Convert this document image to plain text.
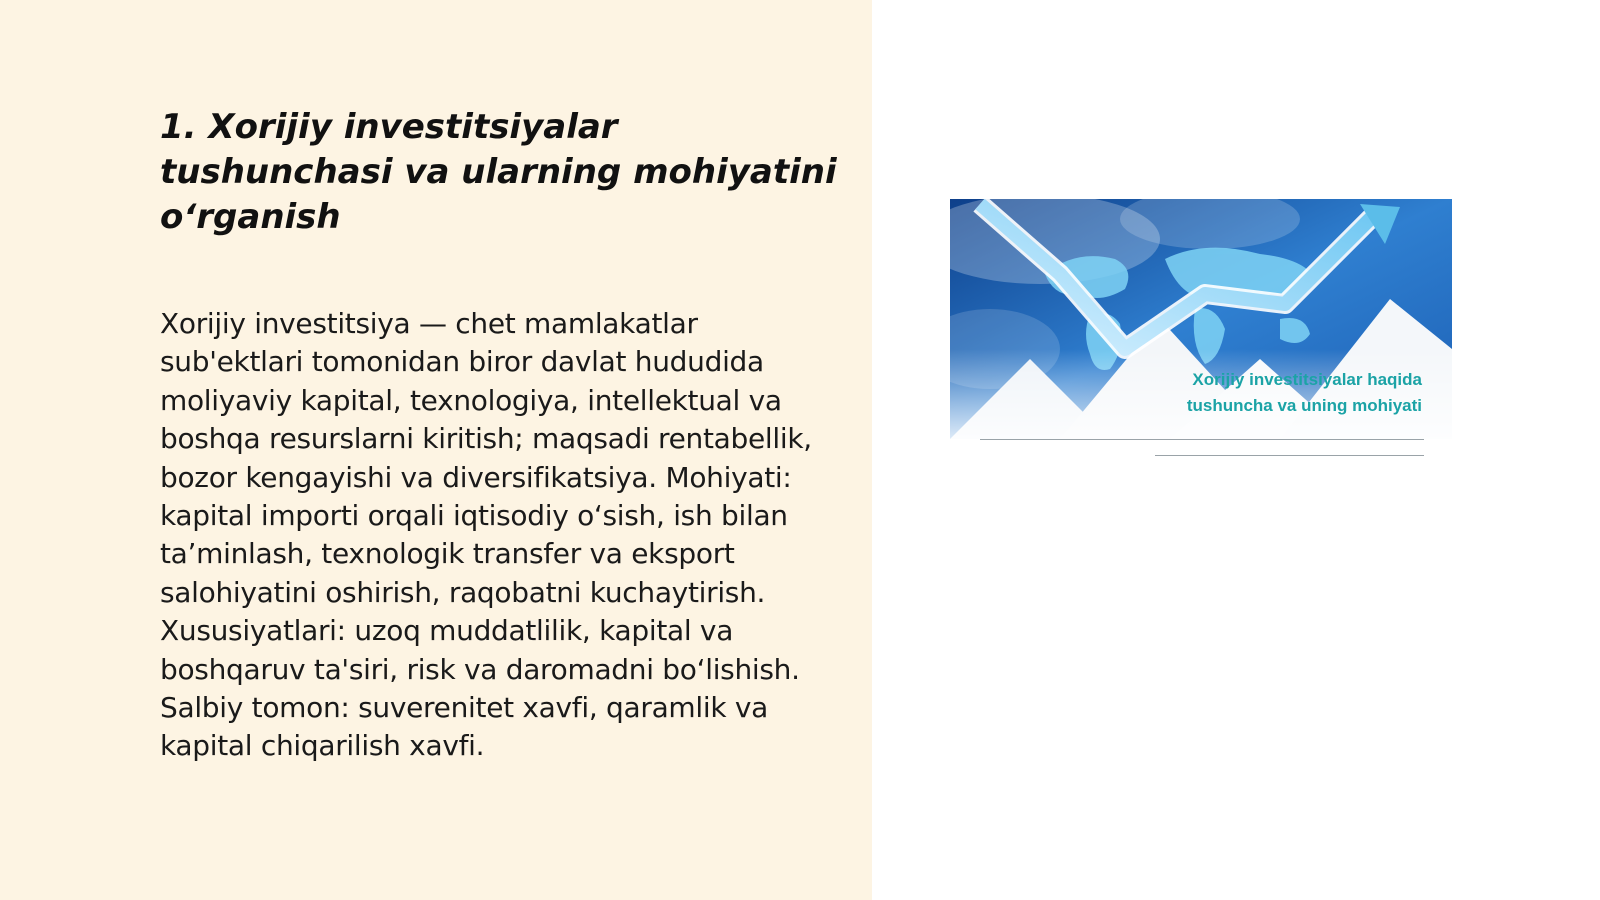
1. Xorijiy investitsiyalar tushunchasi va ularning mohiyatini o‘rganish

Xorijiy investitsiya — chet mamlakatlar sub'ektlari tomonidan biror davlat hududida moliyaviy kapital, texnologiya, intellektual va boshqa resurslarni kiritish; maqsadi rentabellik, bozor kengayishi va diversifikatsiya. Mohiyati: kapital importi orqali iqtisodiy o‘sish, ish bilan ta’minlash, texnologik transfer va eksport salohiyatini oshirish, raqobatni kuchaytirish. Xususiyatlari: uzoq muddatlilik, kapital va boshqaruv ta'siri, risk va daromadni bo‘lishish. Salbiy tomon: suverenitet xavfi, qaramlik va kapital chiqarilish xavfi.

Xorijiy investitsiyalar haqida
tushuncha va uning mohiyati
